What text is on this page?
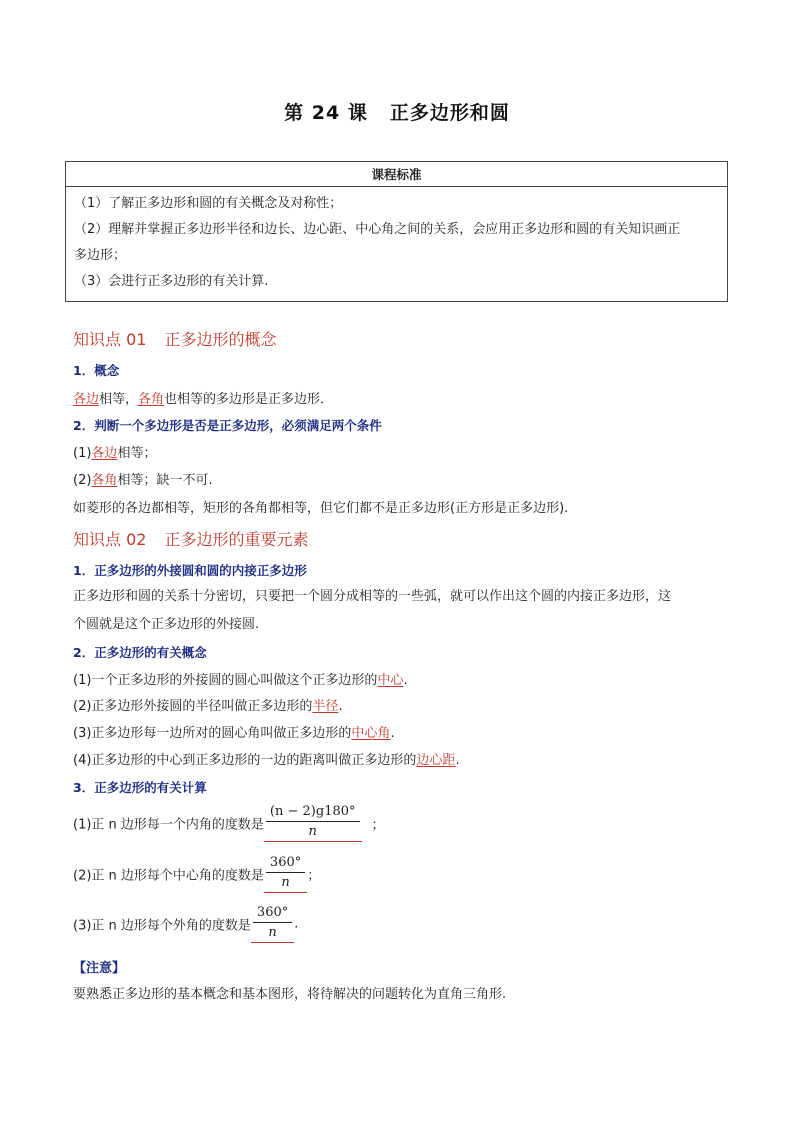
第 24 课 正多边形和圆
课程标准

（1）了解正多边形和圆的有关概念及对称性；
（2）理解并掌握正多边形半径和边长、边心距、中心角之间的关系，会应用正多边形和圆的有关知识画正
多边形；
（3）会进行正多边形的有关计算.
知识点 01 正多边形的概念
1．概念
各边相等，各角也相等的多边形是正多边形．
2．判断一个多边形是否是正多边形，必须满足两个条件
(1)各边相等；
(2)各角相等；缺一不可.
如菱形的各边都相等，矩形的各角都相等，但它们都不是正多边形(正方形是正多边形).
知识点 02 正多边形的重要元素
1．正多边形的外接圆和圆的内接正多边形
正多边形和圆的关系十分密切，只要把一个圆分成相等的一些弧，就可以作出这个圆的内接正多边形，这
个圆就是这个正多边形的外接圆.
2．正多边形的有关概念
(1)一个正多边形的外接圆的圆心叫做这个正多边形的中心.
(2)正多边形外接圆的半径叫做正多边形的半径.
(3)正多边形每一边所对的圆心角叫做正多边形的中心角.
(4)正多边形的中心到正多边形的一边的距离叫做正多边形的边心距.
3．正多边形的有关计算
(1)正 n 边形每一个内角的度数是 $\frac{(n - 2)g180^\circ}{n}$ ；
(2)正 n 边形每个中心角的度数是 $\frac{360^\circ}{n}$ ；
(3)正 n 边形每个外角的度数是 $\frac{360^\circ}{n}$ .
【注意】
要熟悉正多边形的基本概念和基本图形，将待解决的问题转化为直角三角形.
